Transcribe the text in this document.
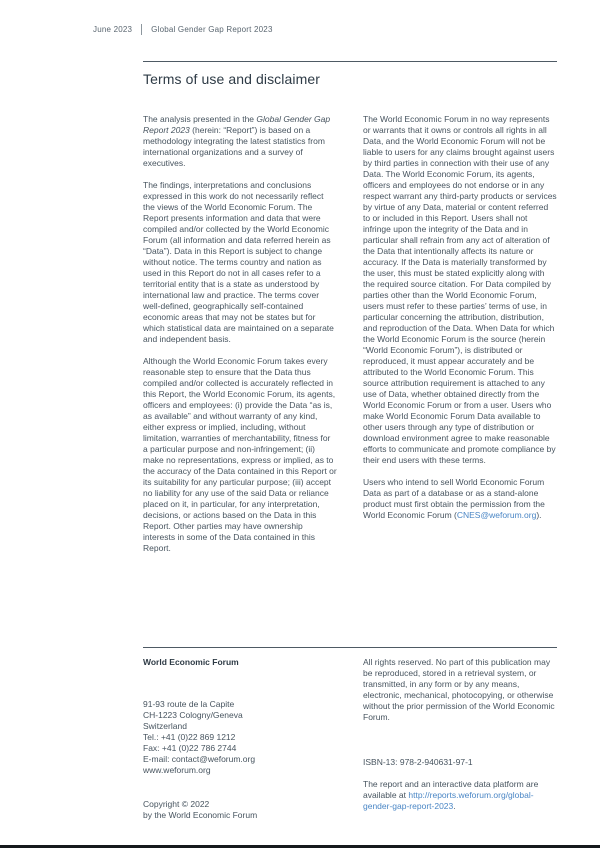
June 2023 Global Gender Gap Report 2023
Terms of use and disclaimer

The analysis presented in the Global Gender Gap Report 2023 (herein: “Report”) is based on a methodology integrating the latest statistics from international organizations and a survey of executives.

The findings, interpretations and conclusions expressed in this work do not necessarily reflect the views of the World Economic Forum. The Report presents information and data that were compiled and/or collected by the World Economic Forum (all information and data referred herein as “Data”). Data in this Report is subject to change without notice. The terms country and nation as used in this Report do not in all cases refer to a territorial entity that is a state as understood by international law and practice. The terms cover well-defined, geographically self-contained economic areas that may not be states but for which statistical data are maintained on a separate and independent basis.

Although the World Economic Forum takes every reasonable step to ensure that the Data thus compiled and/or collected is accurately reflected in this Report, the World Economic Forum, its agents, officers and employees: (i) provide the Data “as is, as available” and without warranty of any kind, either express or implied, including, without limitation, warranties of merchantability, fitness for a particular purpose and non-infringement; (ii) make no representations, express or implied, as to the accuracy of the Data contained in this Report or its suitability for any particular purpose; (iii) accept no liability for any use of the said Data or reliance placed on it, in particular, for any interpretation, decisions, or actions based on the Data in this Report. Other parties may have ownership interests in some of the Data contained in this Report.

The World Economic Forum in no way represents or warrants that it owns or controls all rights in all Data, and the World Economic Forum will not be liable to users for any claims brought against users by third parties in connection with their use of any Data. The World Economic Forum, its agents, officers and employees do not endorse or in any respect warrant any third-party products or services by virtue of any Data, material or content referred to or included in this Report. Users shall not infringe upon the integrity of the Data and in particular shall refrain from any act of alteration of the Data that intentionally affects its nature or accuracy. If the Data is materially transformed by the user, this must be stated explicitly along with the required source citation. For Data compiled by parties other than the World Economic Forum, users must refer to these parties’ terms of use, in particular concerning the attribution, distribution, and reproduction of the Data. When Data for which the World Economic Forum is the source (herein “World Economic Forum”), is distributed or reproduced, it must appear accurately and be attributed to the World Economic Forum. This source attribution requirement is attached to any use of Data, whether obtained directly from the World Economic Forum or from a user. Users who make World Economic Forum Data available to other users through any type of distribution or download environment agree to make reasonable efforts to communicate and promote compliance by their end users with these terms.

Users who intend to sell World Economic Forum Data as part of a database or as a stand-alone product must first obtain the permission from the World Economic Forum (CNES@weforum.org).

World Economic Forum
91-93 route de la Capite
CH-1223 Cologny/Geneva
Switzerland
Tel.: +41 (0)22 869 1212
Fax: +41 (0)22 786 2744
E-mail: contact@weforum.org
www.weforum.org
Copyright © 2022
by the World Economic Forum

All rights reserved. No part of this publication may be reproduced, stored in a retrieval system, or transmitted, in any form or by any means, electronic, mechanical, photocopying, or otherwise without the prior permission of the World Economic Forum.

ISBN-13: 978-2-940631-97-1

The report and an interactive data platform are available at http://reports.weforum.org/global-gender-gap-report-2023.
